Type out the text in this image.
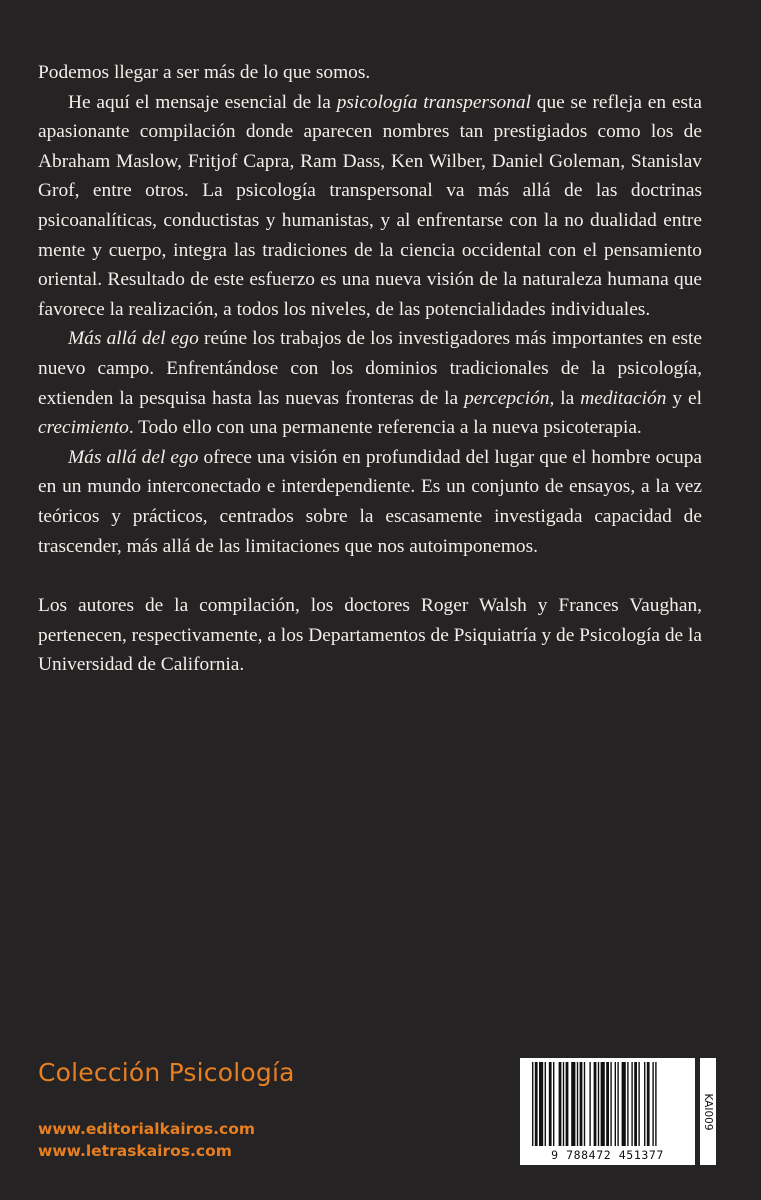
Podemos llegar a ser más de lo que somos.

He aquí el mensaje esencial de la psicología transpersonal que se refleja en esta apasionante compilación donde aparecen nombres tan prestigiados como los de Abraham Maslow, Fritjof Capra, Ram Dass, Ken Wilber, Daniel Goleman, Stanislav Grof, entre otros. La psicología transpersonal va más allá de las doctrinas psicoanalíticas, conductistas y humanistas, y al enfrentarse con la no dualidad entre mente y cuerpo, integra las tradiciones de la ciencia occidental con el pensamiento oriental. Resultado de este esfuerzo es una nueva visión de la naturaleza humana que favorece la realización, a todos los niveles, de las potencialidades individuales.

Más allá del ego reúne los trabajos de los investigadores más importantes en este nuevo campo. Enfrentándose con los dominios tradicionales de la psicología, extienden la pesquisa hasta las nuevas fronteras de la percepción, la meditación y el crecimiento. Todo ello con una permanente referencia a la nueva psicoterapia.

Más allá del ego ofrece una visión en profundidad del lugar que el hombre ocupa en un mundo interconectado e interdependiente. Es un conjunto de ensayos, a la vez teóricos y prácticos, centrados sobre la escasamente investigada capacidad de trascender, más allá de las limitaciones que nos autoimponemos.

Los autores de la compilación, los doctores Roger Walsh y Frances Vaughan, pertenecen, respectivamente, a los Departamentos de Psiquiatría y de Psicología de la Universidad de California.

Colección Psicología
www.editorialkairos.com
www.letraskairos.com	9 788472 451377
KAI009
